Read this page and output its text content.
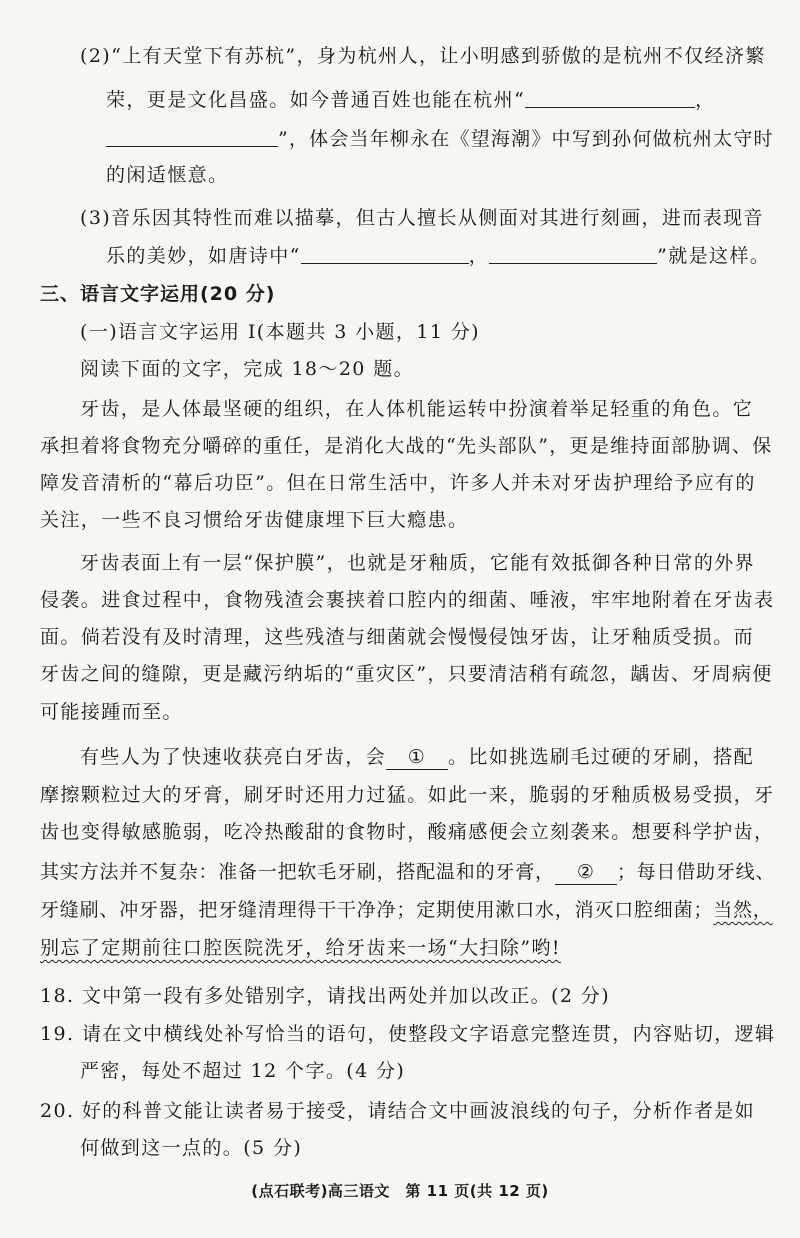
(2)“上有天堂下有苏杭”，身为杭州人，让小明感到骄傲的是杭州不仅经济繁
荣，更是文化昌盛。如今普通百姓也能在杭州“	，
”，体会当年柳永在《望海潮》中写到孙何做杭州太守时
的闲适惬意。
(3)音乐因其特性而难以描摹，但古人擅长从侧面对其进行刻画，进而表现音
乐的美妙，如唐诗中“	，	”就是这样。
三、语言文字运用(20 分)
(一)语言文字运用 Ⅰ(本题共 3 小题，11 分)
阅读下面的文字，完成 18～20 题。
牙齿，是人体最坚硬的组织，在人体机能运转中扮演着举足轻重的角色。它
承担着将食物充分嚼碎的重任，是消化大战的“先头部队”，更是维持面部胁调、保
障发音清析的“幕后功臣”。但在日常生活中，许多人并未对牙齿护理给予应有的
关注，一些不良习惯给牙齿健康埋下巨大瘾患。
牙齿表面上有一层“保护膜”，也就是牙釉质，它能有效抵御各种日常的外界
侵袭。进食过程中，食物残渣会裹挟着口腔内的细菌、唾液，牢牢地附着在牙齿表
面。倘若没有及时清理，这些残渣与细菌就会慢慢侵蚀牙齿，让牙釉质受损。而
牙齿之间的缝隙，更是藏污纳垢的“重灾区”，只要清洁稍有疏忽，龋齿、牙周病便
可能接踵而至。
有些人为了快速收获亮白牙齿，会 ① 。比如挑选刷毛过硬的牙刷，搭配
摩擦颗粒过大的牙膏，刷牙时还用力过猛。如此一来，脆弱的牙釉质极易受损，牙
齿也变得敏感脆弱，吃冷热酸甜的食物时，酸痛感便会立刻袭来。想要科学护齿，
其实方法并不复杂：准备一把软毛牙刷，搭配温和的牙膏， ② ；每日借助牙线、
牙缝刷、冲牙器，把牙缝清理得干干净净；定期使用漱口水，消灭口腔细菌；当然，
别忘了定期前往口腔医院洗牙，给牙齿来一场“大扫除”哟!
18. 文中第一段有多处错别字，请找出两处并加以改正。(2 分)
19. 请在文中横线处补写恰当的语句，使整段文字语意完整连贯，内容贴切，逻辑
严密，每处不超过 12 个字。(4 分)
20. 好的科普文能让读者易于接受，请结合文中画波浪线的句子，分析作者是如
何做到这一点的。(5 分)
(点石联考)高三语文　第 11 页(共 12 页)
